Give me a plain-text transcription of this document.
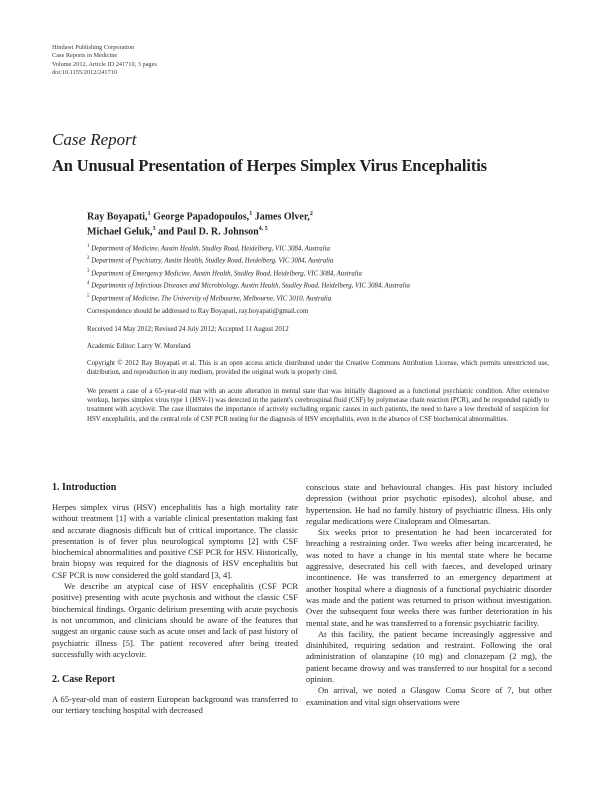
Hindawi Publishing Corporation
Case Reports in Medicine
Volume 2012, Article ID 241710, 3 pages
doi:10.1155/2012/241710
Case Report
An Unusual Presentation of Herpes Simplex Virus Encephalitis
Ray Boyapati,$^1$ George Papadopoulos,$^1$ James Olver,$^2$
Michael Geluk,$^3$ and Paul D. R. Johnson$^{4, 5}$
$^1$ Department of Medicine, Austin Health, Studley Road, Heidelberg, VIC 3084, Australia
$^2$ Department of Psychiatry, Austin Health, Studley Road, Heidelberg, VIC 3084, Australia
$^3$ Department of Emergency Medicine, Austin Health, Studley Road, Heidelberg, VIC 3084, Australia
$^4$ Departments of Infectious Diseases and Microbiology, Austin Health, Studley Road, Heidelberg, VIC 3084, Australia
$^5$ Department of Medicine, The University of Melbourne, Melbourne, VIC 3010, Australia
Correspondence should be addressed to Ray Boyapati, ray.boyapati@gmail.com
Received 14 May 2012; Revised 24 July 2012; Accepted 11 August 2012
Academic Editor: Larry W. Moreland
Copyright © 2012 Ray Boyapati et al. This is an open access article distributed under the Creative Commons Attribution License, which permits unrestricted use, distribution, and reproduction in any medium, provided the original work is properly cited.
We present a case of a 65-year-old man with an acute alteration in mental state that was initially diagnosed as a functional psychiatric condition. After extensive workup, herpes simplex virus type 1 (HSV-1) was detected in the patient's cerebrospinal fluid (CSF) by polymerase chain reaction (PCR), and he responded rapidly to treatment with acyclovir. The case illustrates the importance of actively excluding organic causes in such patients, the need to have a low threshold of suspicion for HSV encephalitis, and the central role of CSF PCR testing for the diagnosis of HSV encephalitis, even in the absence of CSF biochemical abnormalities.
1. Introduction

Herpes simplex virus (HSV) encephalitis has a high mortality rate without treatment [1] with a variable clinical presentation making fast and accurate diagnosis difficult but of critical importance. The classic presentation is of fever plus neurological symptoms [2] with CSF biochemical abnormalities and positive CSF PCR for HSV. Historically, brain biopsy was required for the diagnosis of HSV encephalitis but CSF PCR is now considered the gold standard [3, 4].

We describe an atypical case of HSV encephalitis (CSF PCR positive) presenting with acute psychosis and without the classic CSF biochemical findings. Organic delirium presenting with acute psychosis is not uncommon, and clinicians should be aware of the features that suggest an organic cause such as acute onset and lack of past history of psychiatric illness [5]. The patient recovered after being treated successfully with acyclovir.

2. Case Report

A 65-year-old man of eastern European background was transferred to our tertiary teaching hospital with decreased

conscious state and behavioural changes. His past history included depression (without prior psychotic episodes), alcohol abuse, and hypertension. He had no family history of psychiatric illness. His only regular medications were Citalopram and Olmesartan.

Six weeks prior to presentation he had been incarcerated for breaching a restraining order. Two weeks after being incarcerated, he was noted to have a change in his mental state where he became aggressive, desecrated his cell with faeces, and developed urinary incontinence. He was transferred to an emergency department at another hospital where a diagnosis of a functional psychiatric disorder was made and the patient was returned to prison without investigation. Over the subsequent four weeks there was further deterioration in his mental state, and he was transferred to a forensic psychiatric facility.

At this facility, the patient became increasingly aggressive and disinhibited, requiring sedation and restraint. Following the oral administration of olanzapine (10 mg) and clonazepam (2 mg), the patient became drowsy and was transferred to our hospital for a second opinion.

On arrival, we noted a Glasgow Coma Score of 7, but other examination and vital sign observations were
